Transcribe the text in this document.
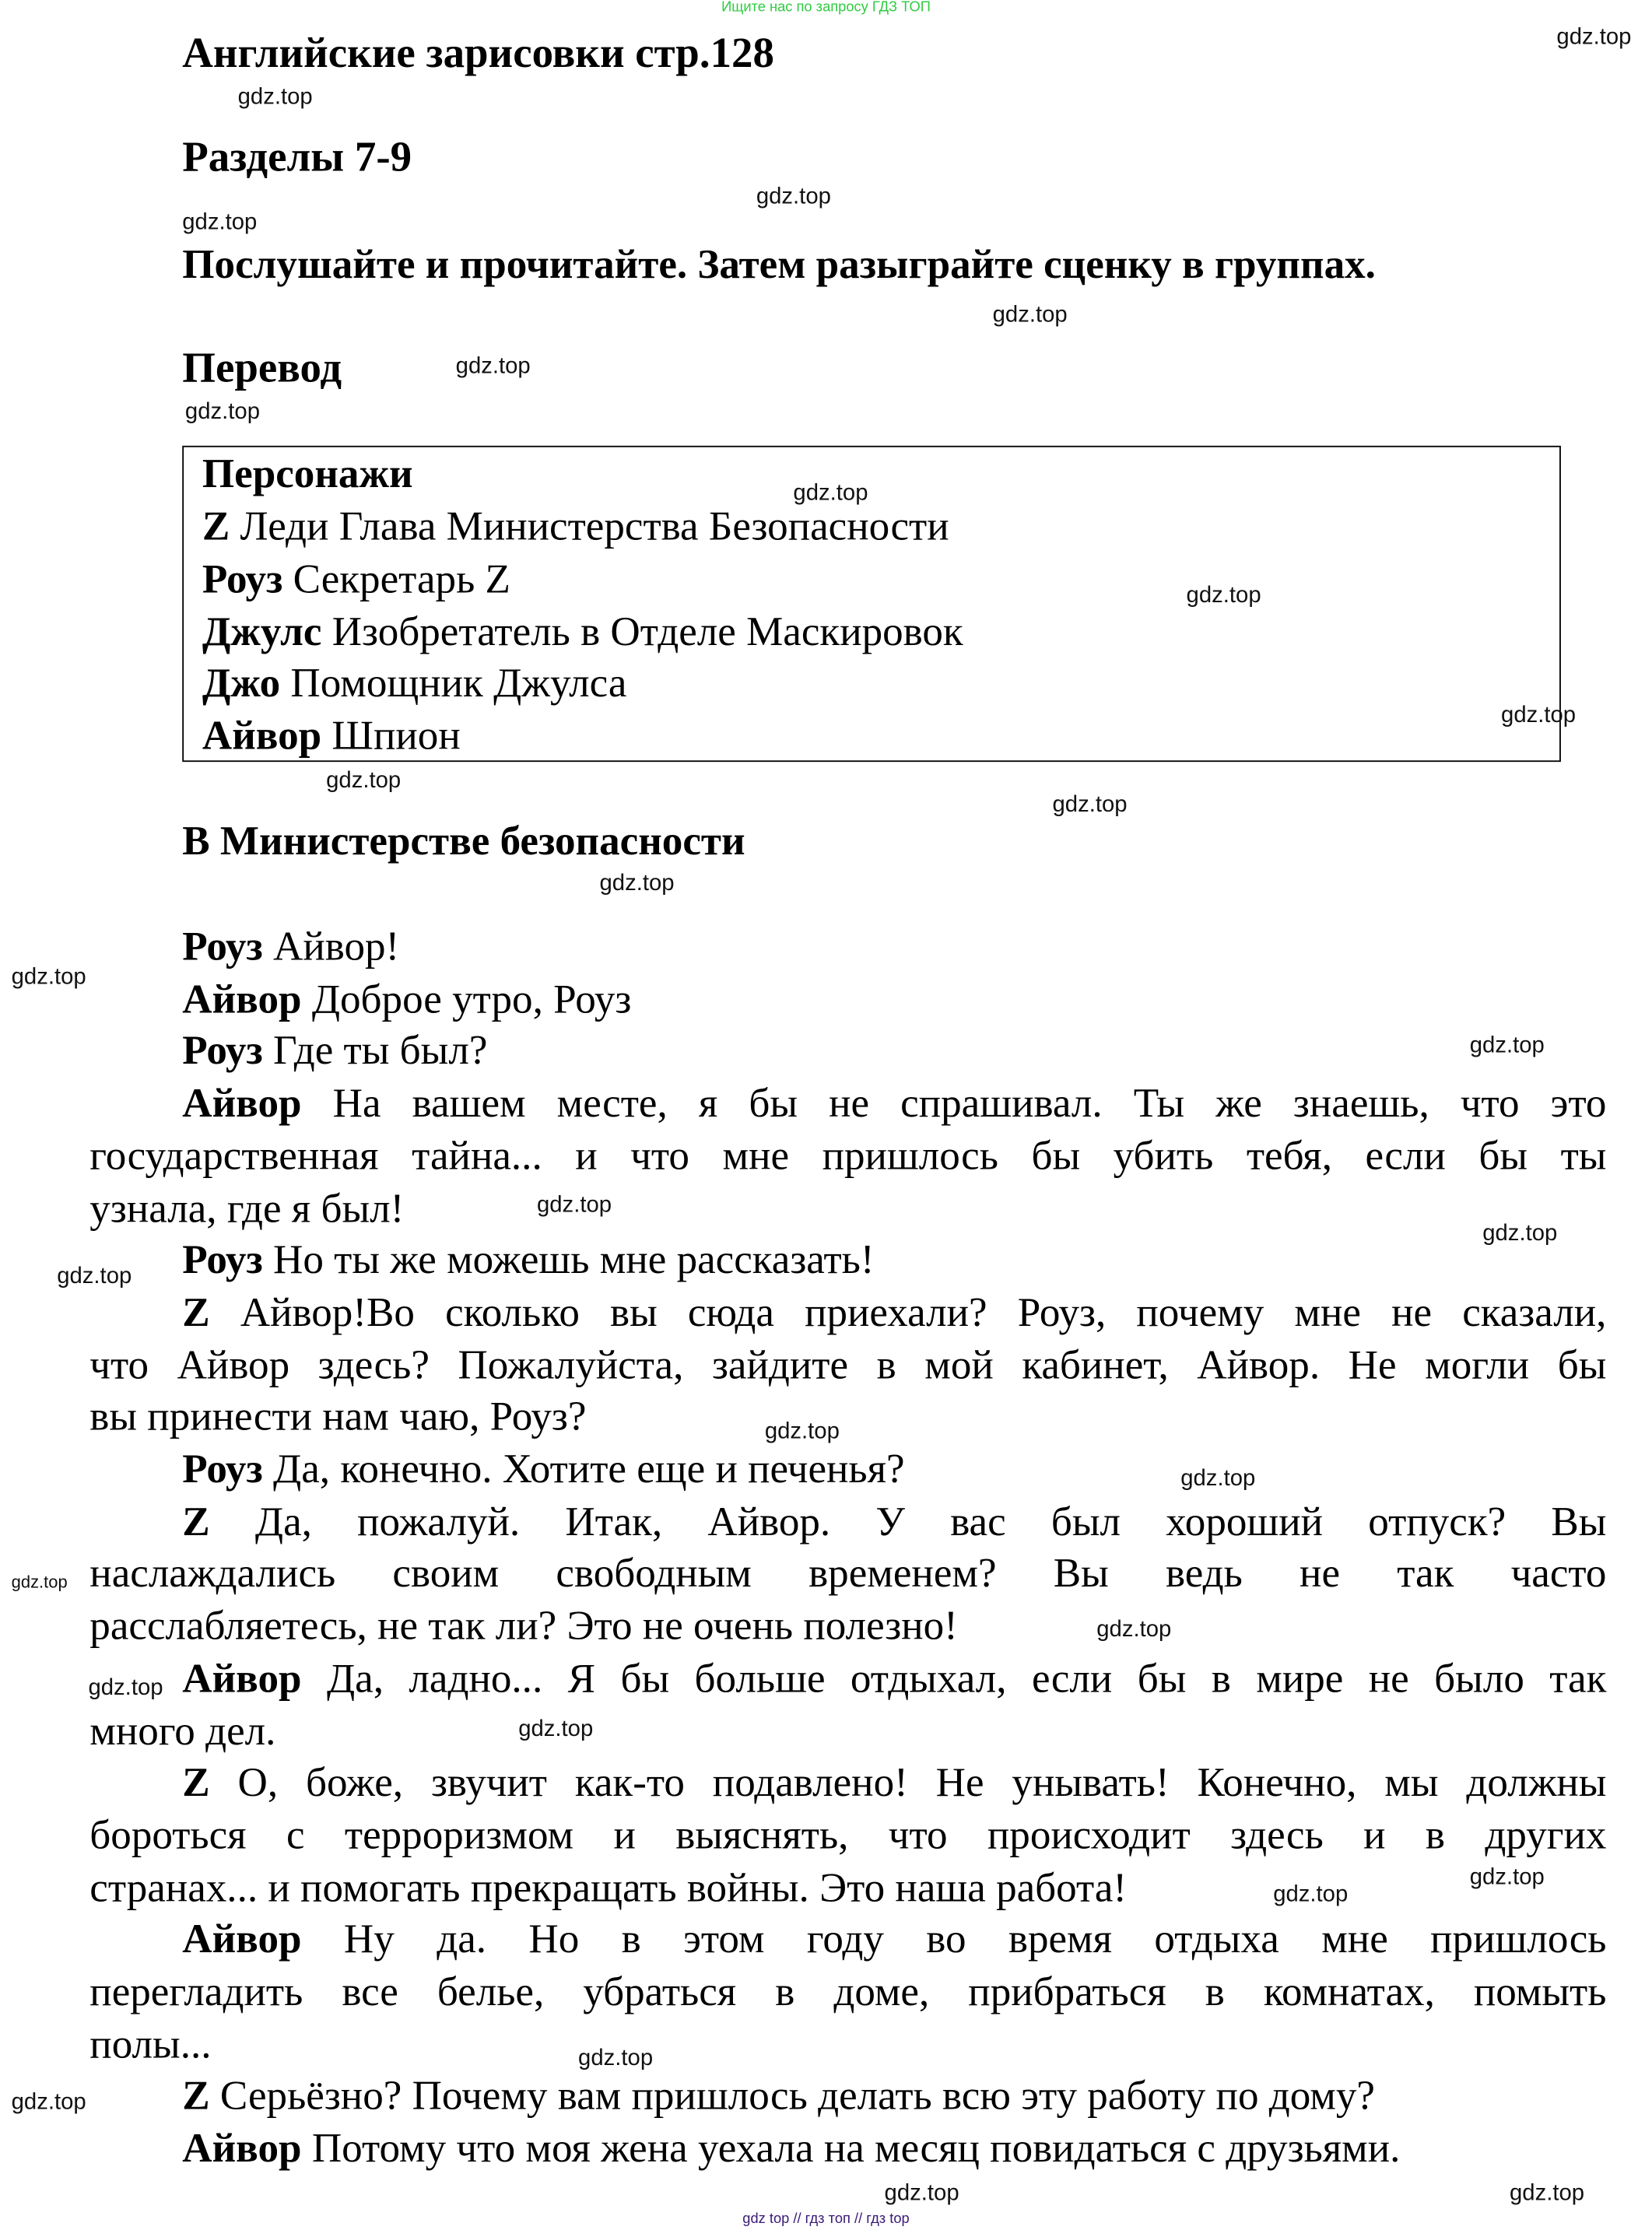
Ищите нас по запросу ГДЗ ТОП
Английские зарисовки стр.128
Разделы 7-9
Послушайте и прочитайте. Затем разыграйте сценку в группах.
Перевод
Персонажи
Z Леди Глава Министерства Безопасности
Роуз Секретарь Z
Джулс Изобретатель в Отделе Маскировок
Джо Помощник Джулса
Айвор Шпион
В Министерстве безопасности
Роуз Айвор!
Айвор Доброе утро, Роуз
Роуз Где ты был?
Айвор На вашем месте, я бы не спрашивал. Ты же знаешь, что это
государственная тайна... и что мне пришлось бы убить тебя, если бы ты
узнала, где я был!
Роуз Но ты же можешь мне рассказать!
Z Айвор!Во сколько вы сюда приехали? Роуз, почему мне не сказали,
что Айвор здесь? Пожалуйста, зайдите в мой кабинет, Айвор. Не могли бы
вы принести нам чаю, Роуз?
Роуз Да, конечно. Хотите еще и печенья?
Z Да, пожалуй. Итак, Айвор. У вас был хороший отпуск? Вы
наслаждались своим свободным временем? Вы ведь не так часто
расслабляетесь, не так ли? Это не очень полезно!
Айвор Да, ладно... Я бы больше отдыхал, если бы в мире не было так
много дел.
Z О, боже, звучит как-то подавлено! Не унывать! Конечно, мы должны
бороться с терроризмом и выяснять, что происходит здесь и в других
странах... и помогать прекращать войны. Это наша работа!
Айвор Ну да. Но в этом году во время отдыха мне пришлось
перегладить все белье, убраться в доме, прибраться в комнатах, помыть
полы...
Z Серьёзно? Почему вам пришлось делать всю эту работу по дому?
Айвор Потому что моя жена уехала на месяц повидаться с друзьями.
gdz.top
gdz.top
gdz.top
gdz.top
gdz.top
gdz.top
gdz.top
gdz.top
gdz.top
gdz.top
gdz.top
gdz.top
gdz.top
gdz.top
gdz.top
gdz.top
gdz.top
gdz.top
gdz.top
gdz.top
gdz.top
gdz.top
gdz.top
gdz.top
gdz.top
gdz.top
gdz.top
gdz.top
gdz.top
gdz.top
gdz top // гдз топ // гдз top
